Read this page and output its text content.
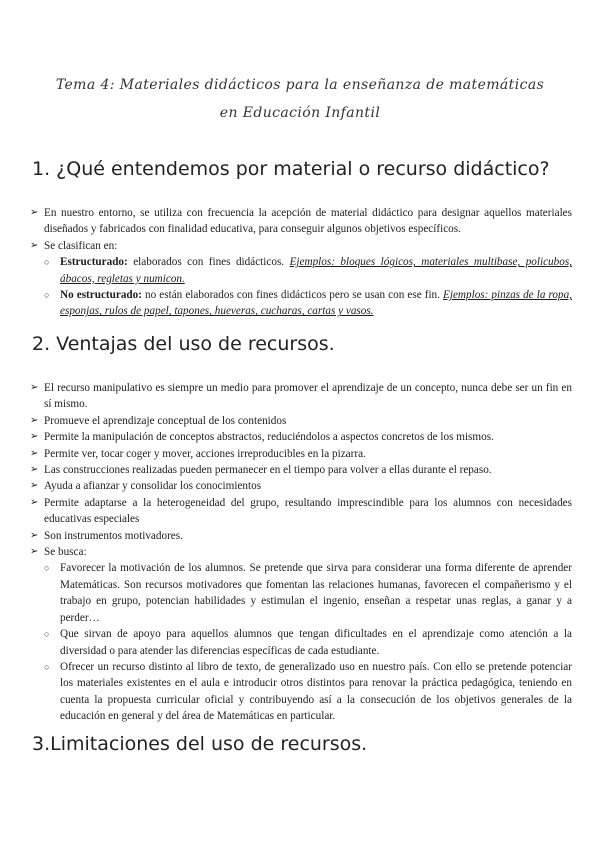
Tema 4: Materiales didácticos para la enseñanza de matemáticas
en Educación Infantil
1. ¿Qué entendemos por material o recurso didáctico?

➢ En nuestro entorno, se utiliza con frecuencia la acepción de material didáctico para designar aquellos materiales diseñados y fabricados con finalidad educativa, para conseguir algunos objetivos específicos.

➢ Se clasifican en:

○ Estructurado: elaborados con fines didácticos. Ejemplos: bloques lógicos, materiales multibase, policubos, ábacos, regletas y numicon.

○ No estructurado: no están elaborados con fines didácticos pero se usan con ese fin. Ejemplos: pinzas de la ropa, esponjas, rulos de papel, tapones, hueveras, cucharas, cartas y vasos.

2. Ventajas del uso de recursos.

➢ El recurso manipulativo es siempre un medio para promover el aprendizaje de un concepto, nunca debe ser un fin en sí mismo.

➢ Promueve el aprendizaje conceptual de los contenidos

➢ Permite la manipulación de conceptos abstractos, reduciéndolos a aspectos concretos de los mismos.

➢ Permite ver, tocar coger y mover, acciones irreproducibles en la pizarra.

➢ Las construcciones realizadas pueden permanecer en el tiempo para volver a ellas durante el repaso.

➢ Ayuda a afianzar y consolidar los conocimientos

➢ Permite adaptarse a la heterogeneidad del grupo, resultando imprescindible para los alumnos con necesidades educativas especiales

➢ Son instrumentos motivadores.

➢ Se busca:

○ Favorecer la motivación de los alumnos. Se pretende que sirva para considerar una forma diferente de aprender Matemáticas. Son recursos motivadores que fomentan las relaciones humanas, favorecen el compañerismo y el trabajo en grupo, potencian habilidades y estimulan el ingenio, enseñan a respetar unas reglas, a ganar y a perder…

○ Que sirvan de apoyo para aquellos alumnos que tengan dificultades en el aprendizaje como atención a la diversidad o para atender las diferencias específicas de cada estudiante.

○ Ofrecer un recurso distinto al libro de texto, de generalizado uso en nuestro país. Con ello se pretende potenciar los materiales existentes en el aula e introducir otros distintos para renovar la práctica pedagógica, teniendo en cuenta la propuesta curricular oficial y contribuyendo así a la consecución de los objetivos generales de la educación en general y del área de Matemáticas en particular.

3.Limitaciones del uso de recursos.
